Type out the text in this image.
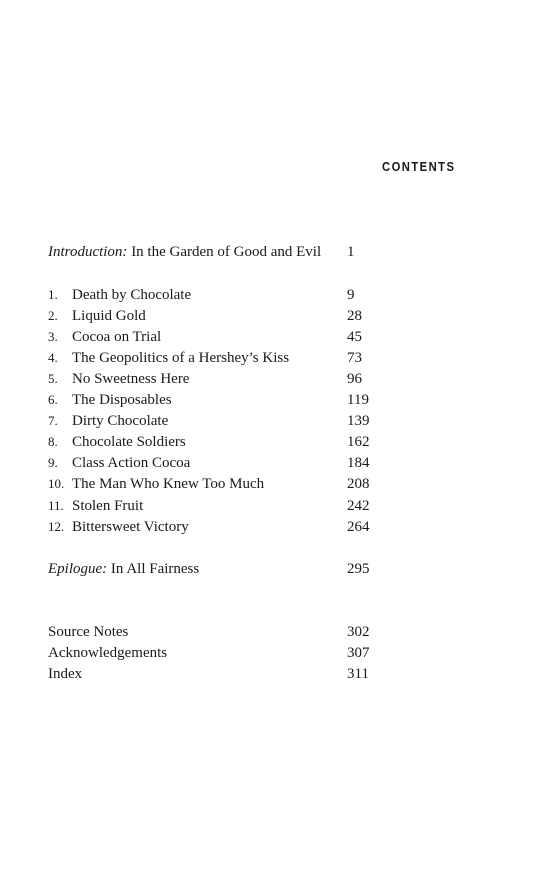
CONTENTS
Introduction: In the Garden of Good and Evil 1
1. Death by Chocolate	9
2. Liquid Gold	28
3. Cocoa on Trial	45
4. The Geopolitics of a Hershey’s Kiss	73
5. No Sweetness Here	96
6. The Disposables	119
7. Dirty Chocolate	139
8. Chocolate Soldiers	162
9. Class Action Cocoa	184
10. The Man Who Knew Too Much	208
11. Stolen Fruit	242
12. Bittersweet Victory	264
Epilogue: In All Fairness	295
Source Notes	302
Acknowledgements	307
Index	311
